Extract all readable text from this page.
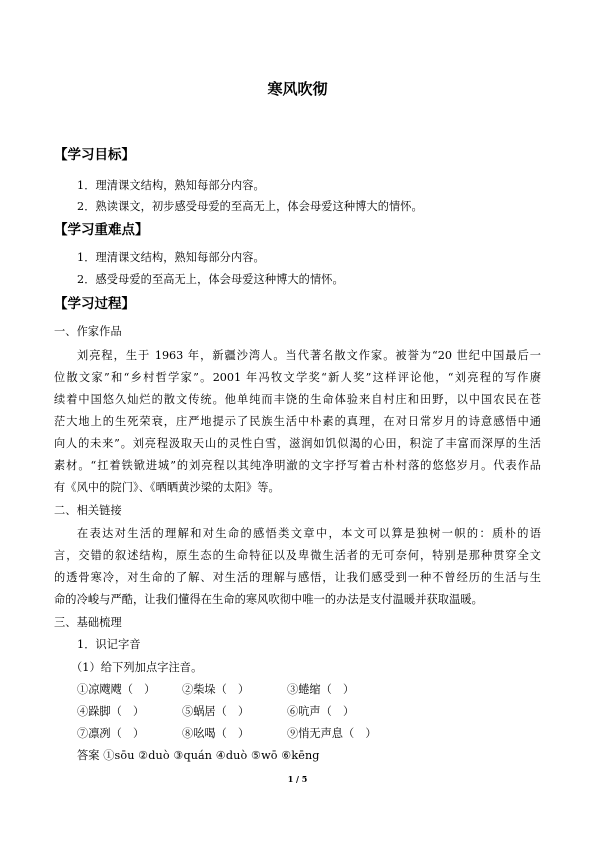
寒风吹彻
【学习目标】
1．理清课文结构，熟知每部分内容。
2．熟读课文，初步感受母爱的至高无上，体会母爱这种博大的情怀。
【学习重难点】
1．理清课文结构，熟知每部分内容。
2．感受母爱的至高无上，体会母爱这种博大的情怀。
【学习过程】
一、作家作品
刘亮程，生于 1963 年，新疆沙湾人。当代著名散文作家。被誉为“20 世纪中国最后一
位散文家”和“乡村哲学家”。2001 年冯牧文学奖“新人奖”这样评论他，“刘亮程的写作赓
续着中国悠久灿烂的散文传统。他单纯而丰饶的生命体验来自村庄和田野，以中国农民在苍
茫大地上的生死荣衰，庄严地提示了民族生活中朴素的真理，在对日常岁月的诗意感悟中通
向人的未来”。刘亮程汲取天山的灵性白雪，滋润如饥似渴的心田，积淀了丰富而深厚的生活
素材。“扛着铁锨进城”的刘亮程以其纯净明澈的文字抒写着古朴村落的悠悠岁月。代表作品
有《风中的院门》、《晒晒黄沙梁的太阳》等。
二、相关链接
在表达对生活的理解和对生命的感悟类文章中，本文可以算是独树一帜的：质朴的语
言，交错的叙述结构，原生态的生命特征以及卑微生活者的无可奈何，特别是那种贯穿全文
的透骨寒冷，对生命的了解、对生活的理解与感悟，让我们感受到一种不曾经历的生活与生
命的冷峻与严酷，让我们懂得在生命的寒风吹彻中唯一的办法是支付温暖并获取温暖。
三、基础梳理
1．识记字音
（1）给下列加点字注音。
①凉飕飕（　） ②柴垛（　）	③蜷缩（　）
④跺脚（　）	⑤蜗居（　）	⑥吭声（　）
⑦凛冽（　）	⑧吆喝（　）	⑨悄无声息（　）
答案 ①sōu ②duò ③quán ④duò ⑤wō ⑥kēng
1 / 5
